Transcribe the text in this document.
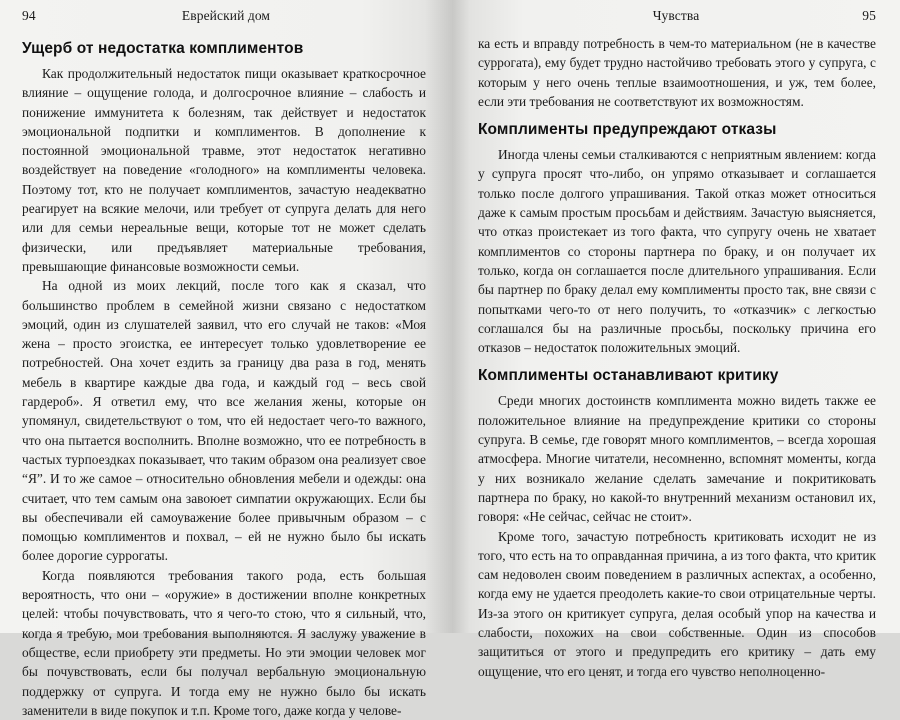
94	Еврейский дом
Ущерб от недостатка комплиментов

Как продолжительный недостаток пищи оказывает краткосрочное влияние – ощущение голода, и долгосрочное влияние – слабость и понижение иммунитета к болезням, так действует и недостаток эмоциональной подпитки и комплиментов. В дополнение к постоянной эмоциональной травме, этот недостаток негативно воздействует на поведение «голодного» на комплименты человека. Поэтому тот, кто не получает комплиментов, зачастую неадекватно реагирует на всякие мелочи, или требует от супруга делать для него или для семьи нереальные вещи, которые тот не может сделать физически, или предъявляет материальные требования, превышающие финансовые возможности семьи.

На одной из моих лекций, после того как я сказал, что большинство проблем в семейной жизни связано с недостатком эмоций, один из слушателей заявил, что его случай не таков: «Моя жена – просто эгоистка, ее интересует только удовлетворение ее потребностей. Она хочет ездить за границу два раза в год, менять мебель в квартире каждые два года, и каждый год – весь свой гардероб». Я ответил ему, что все желания жены, которые он упомянул, свидетельствуют о том, что ей недостает чего-то важного, что она пытается восполнить. Вполне возможно, что ее потребность в частых турпоездках показывает, что таким образом она реализует свое “Я”. И то же самое – относительно обновления мебели и одежды: она считает, что тем самым она завоюет симпатии окружающих. Если бы вы обеспечивали ей самоуважение более привычным образом – с помощью комплиментов и похвал, – ей не нужно было бы искать более дорогие суррогаты.

Когда появляются требования такого рода, есть большая вероятность, что они – «оружие» в достижении вполне конкретных целей: чтобы почувствовать, что я чего-то стою, что я сильный, что, когда я требую, мои требования выполняются. Я заслужу уважение в обществе, если приобрету эти предметы. Но эти эмоции человек мог бы почувствовать, если бы получал вербальную эмоциональную поддержку от супруга. И тогда ему не нужно было бы искать заменители в виде покупок и т.п. Кроме того, даже когда у челове-

Чувства	95

ка есть и вправду потребность в чем-то материальном (не в качестве суррогата), ему будет трудно настойчиво требовать этого у супруга, с которым у него очень теплые взаимоотношения, и уж, тем более, если эти требования не соответствуют их возможностям.

Комплименты предупреждают отказы

Иногда члены семьи сталкиваются с неприятным явлением: когда у супруга просят что-либо, он упрямо отказывает и соглашается только после долгого упрашивания. Такой отказ может относиться даже к самым простым просьбам и действиям. Зачастую выясняется, что отказ проистекает из того факта, что супругу очень не хватает комплиментов со стороны партнера по браку, и он получает их только, когда он соглашается после длительного упрашивания. Если бы партнер по браку делал ему комплименты просто так, вне связи с попытками чего-то от него получить, то «отказчик» с легкостью соглашался бы на различные просьбы, поскольку причина его отказов – недостаток положительных эмоций.

Комплименты останавливают критику

Среди многих достоинств комплимента можно видеть также ее положительное влияние на предупреждение критики со стороны супруга. В семье, где говорят много комплиментов, – всегда хорошая атмосфера. Многие читатели, несомненно, вспомнят моменты, когда у них возникало желание сделать замечание и покритиковать партнера по браку, но какой-то внутренний механизм остановил их, говоря: «Не сейчас, сейчас не стоит».

Кроме того, зачастую потребность критиковать исходит не из того, что есть на то оправданная причина, а из того факта, что критик сам недоволен своим поведением в различных аспектах, а особенно, когда ему не удается преодолеть какие-то свои отрицательные черты. Из-за этого он критикует супруга, делая особый упор на качества и слабости, похожих на свои собственные. Один из способов защититься от этого и предупредить его критику – дать ему ощущение, что его ценят, и тогда его чувство неполноценно-
